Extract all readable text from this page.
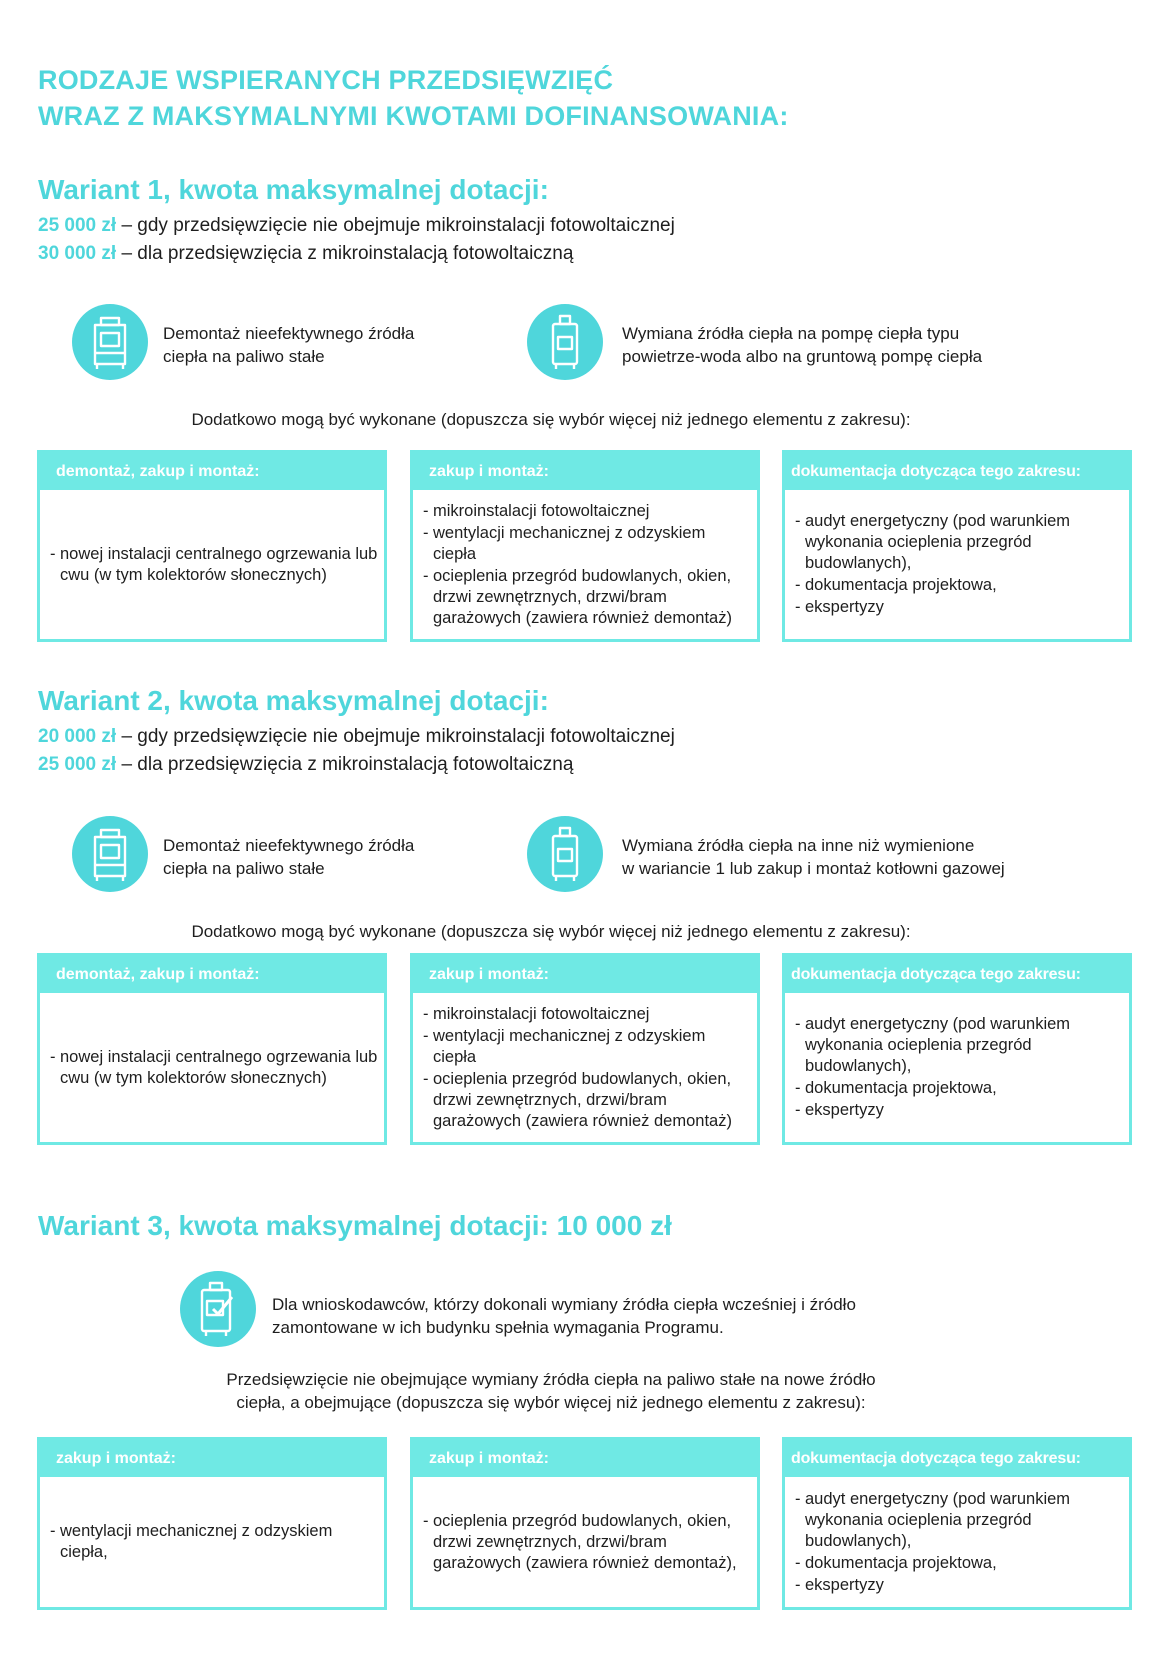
RODZAJE WSPIERANYCH PRZEDSIĘWZIĘĆ
WRAZ Z MAKSYMALNYMI KWOTAMI DOFINANSOWANIA:
Wariant 1, kwota maksymalnej dotacji:
25 000 zł – gdy przedsięwzięcie nie obejmuje mikroinstalacji fotowoltaicznej
30 000 zł – dla przedsięwzięcia z mikroinstalacją fotowoltaiczną
Demontaż nieefektywnego źródła
ciepła na paliwo stałe
Wymiana źródła ciepła na pompę ciepła typu
powietrze-woda albo na gruntową pompę ciepła
Dodatkowo mogą być wykonane (dopuszcza się wybór więcej niż jednego elementu z zakresu):
demontaż, zakup i montaż:
- nowej instalacji centralnego ogrzewania lub cwu (w tym kolektorów słonecznych)
zakup i montaż:
- mikroinstalacji fotowoltaicznej
- wentylacji mechanicznej z odzyskiem ciepła
- ocieplenia przegród budowlanych, okien, drzwi zewnętrznych, drzwi/bram garażowych (zawiera również demontaż)
dokumentacja dotycząca tego zakresu:
- audyt energetyczny (pod warunkiem wykonania ocieplenia przegród budowlanych),
- dokumentacja projektowa,
- ekspertyzy
Wariant 2, kwota maksymalnej dotacji:
20 000 zł – gdy przedsięwzięcie nie obejmuje mikroinstalacji fotowoltaicznej
25 000 zł – dla przedsięwzięcia z mikroinstalacją fotowoltaiczną
Demontaż nieefektywnego źródła
ciepła na paliwo stałe
Wymiana źródła ciepła na inne niż wymienione
w wariancie 1 lub zakup i montaż kotłowni gazowej
Dodatkowo mogą być wykonane (dopuszcza się wybór więcej niż jednego elementu z zakresu):
demontaż, zakup i montaż:
- nowej instalacji centralnego ogrzewania lub cwu (w tym kolektorów słonecznych)
zakup i montaż:
- mikroinstalacji fotowoltaicznej
- wentylacji mechanicznej z odzyskiem ciepła
- ocieplenia przegród budowlanych, okien, drzwi zewnętrznych, drzwi/bram garażowych (zawiera również demontaż)
dokumentacja dotycząca tego zakresu:
- audyt energetyczny (pod warunkiem wykonania ocieplenia przegród budowlanych),
- dokumentacja projektowa,
- ekspertyzy
Wariant 3, kwota maksymalnej dotacji: 10 000 zł
Dla wnioskodawców, którzy dokonali wymiany źródła ciepła wcześniej i źródło
zamontowane w ich budynku spełnia wymagania Programu.
Przedsięwzięcie nie obejmujące wymiany źródła ciepła na paliwo stałe na nowe źródło
ciepła, a obejmujące (dopuszcza się wybór więcej niż jednego elementu z zakresu):
zakup i montaż:
- wentylacji mechanicznej z odzyskiem ciepła,
zakup i montaż:
- ocieplenia przegród budowlanych, okien, drzwi zewnętrznych, drzwi/bram garażowych (zawiera również demontaż),
dokumentacja dotycząca tego zakresu:
- audyt energetyczny (pod warunkiem wykonania ocieplenia przegród budowlanych),
- dokumentacja projektowa,
- ekspertyzy
